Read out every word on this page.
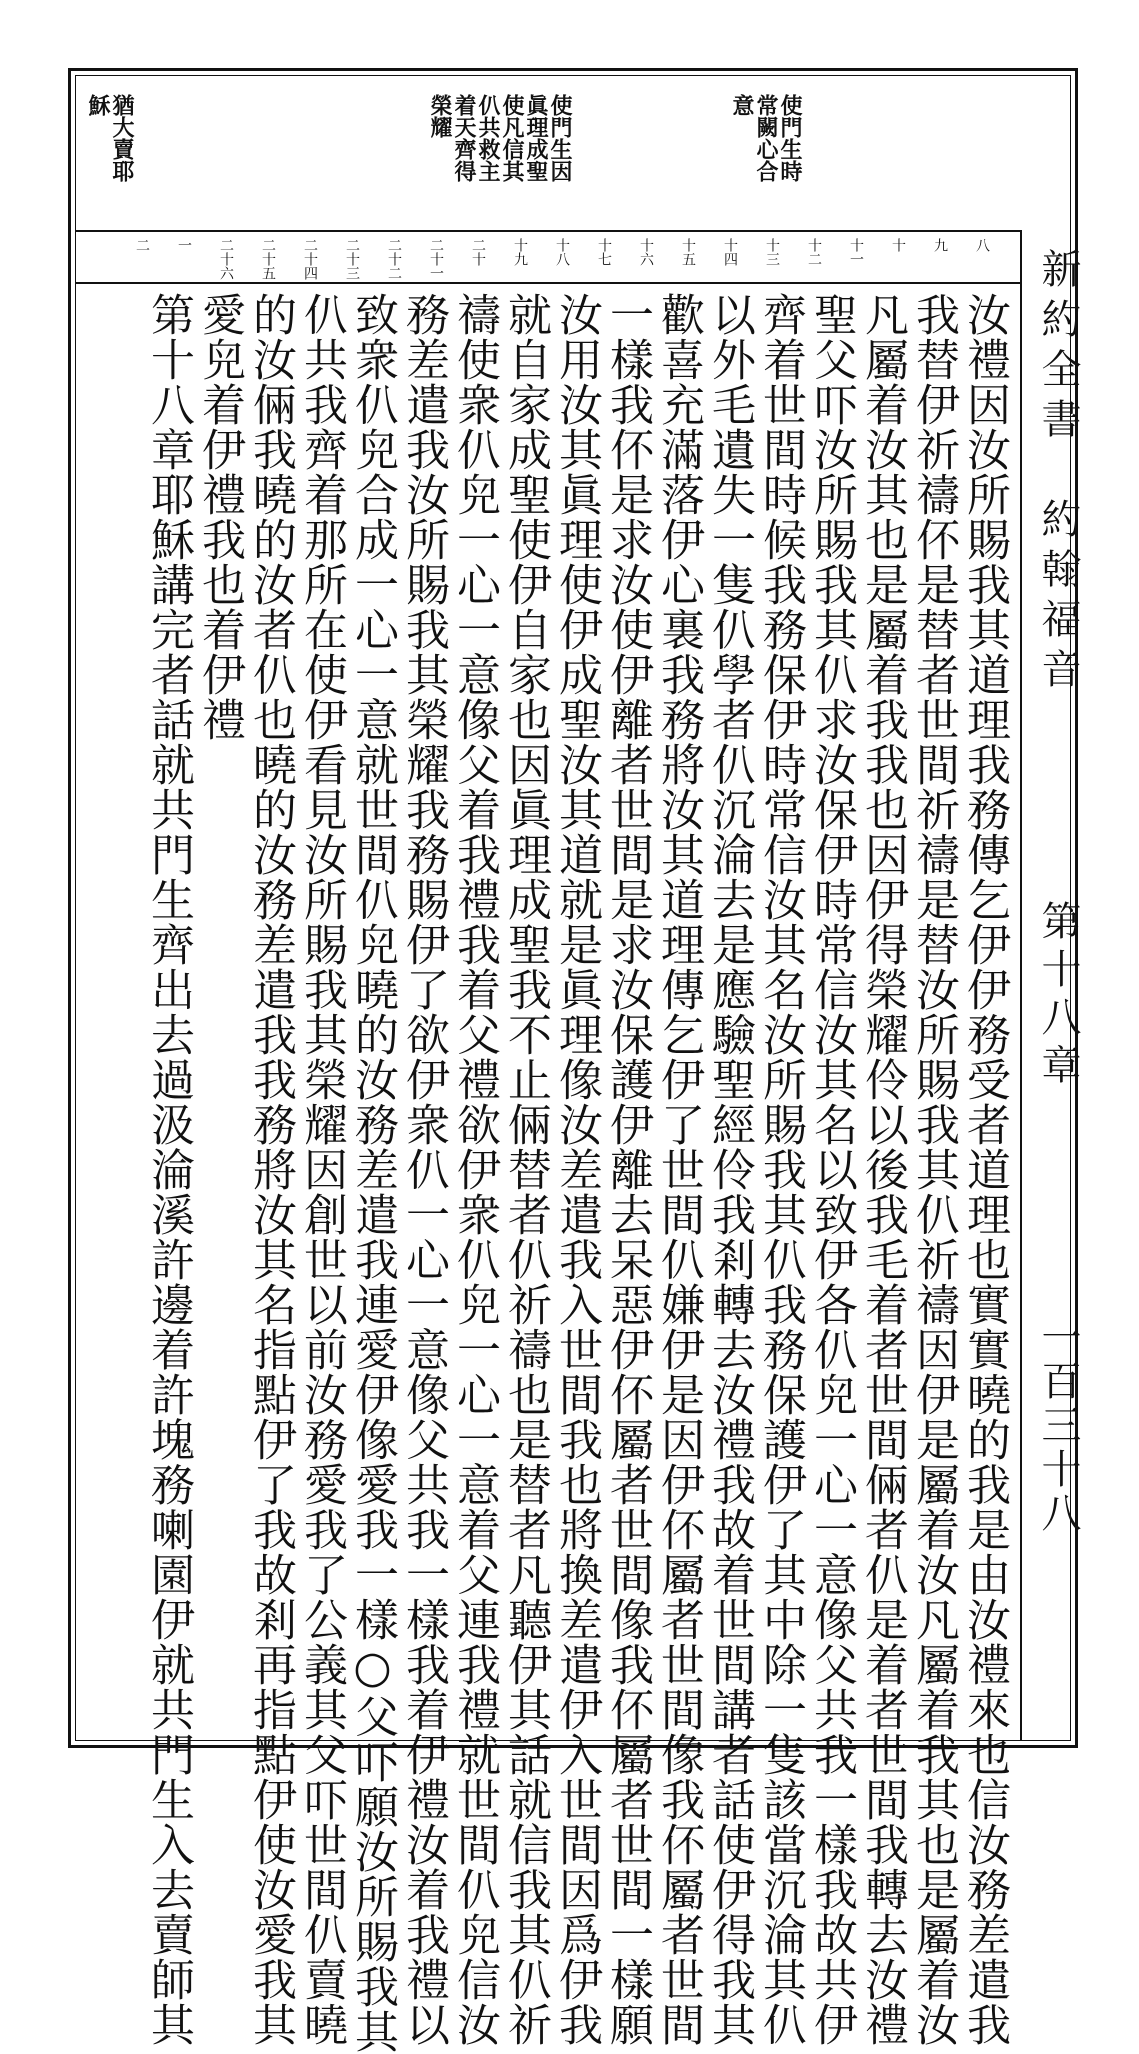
新約全書　約翰福音
第十八章
一百三十八
使門生時
常闕心合
意
使門生因
眞理成聖
使凡信其
仈共救主
着天齊得
榮耀
猶大賣耶
穌
八
九
十
十一
十二
十三
十四
十五
十六
十七
十八
十九
二十
二十一
二十二
二十三
二十四
二十五
二十六
一
二
汝禮因汝所賜我其道理我務傳乞伊伊務受者道理也實實曉的我是由汝禮來也信汝務差遣我
我替伊祈禱伓是替者世間祈禱是替汝所賜我其仈祈禱因伊是屬着汝凡屬着我其也是屬着汝
凡屬着汝其也是屬着我我也因伊得榮耀伶以後我毛着者世間倆者仈是着者世間我轉去汝禮
聖父吓汝所賜我其仈求汝保伊時常信汝其名以致伊各仈𠒇一心一意像父共我一樣我故共伊
齊着世間時候我務保伊時常信汝其名汝所賜我其仈我務保護伊了其中除一隻該當沉淪其仈
以外毛遺失一隻仈學者仈沉淪去是應驗聖經伶我剎轉去汝禮我故着世間講者話使伊得我其
歡喜充滿落伊心裏我務將汝其道理傳乞伊了世間仈嫌伊是因伊伓屬者世間像我伓屬者世間
一樣我伓是求汝使伊離者世間是求汝保護伊離去呆惡伊伓屬者世間像我伓屬者世間一樣願
汝用汝其眞理使伊成聖汝其道就是眞理像汝差遣我入世間我也將換差遣伊入世間因爲伊我
就自家成聖使伊自家也因眞理成聖我不止倆替者仈祈禱也是替者凡聽伊其話就信我其仈祈
禱使衆仈𠒇一心一意像父着我禮我着父禮欲伊衆仈𠒇一心一意着父連我禮就世間仈𠒇信汝
務差遣我汝所賜我其榮耀我務賜伊了欲伊衆仈一心一意像父共我一樣我着伊禮汝着我禮以
致衆仈𠒇合成一心一意就世間仈𠒇曉的汝務差遣我連愛伊像愛我一樣○父吓願汝所賜我其
仈共我齊着那所在使伊看見汝所賜我其榮耀因創世以前汝務愛我了公義其父吓世間仈賣曉
的汝倆我曉的汝者仈也曉的汝務差遣我我務將汝其名指點伊了我故剎再指點伊使汝愛我其
愛𠒇着伊禮我也着伊禮
第十八章耶穌講完者話就共門生齊出去過汲淪溪許邊着許塊務喇園伊就共門生入去賣師其
